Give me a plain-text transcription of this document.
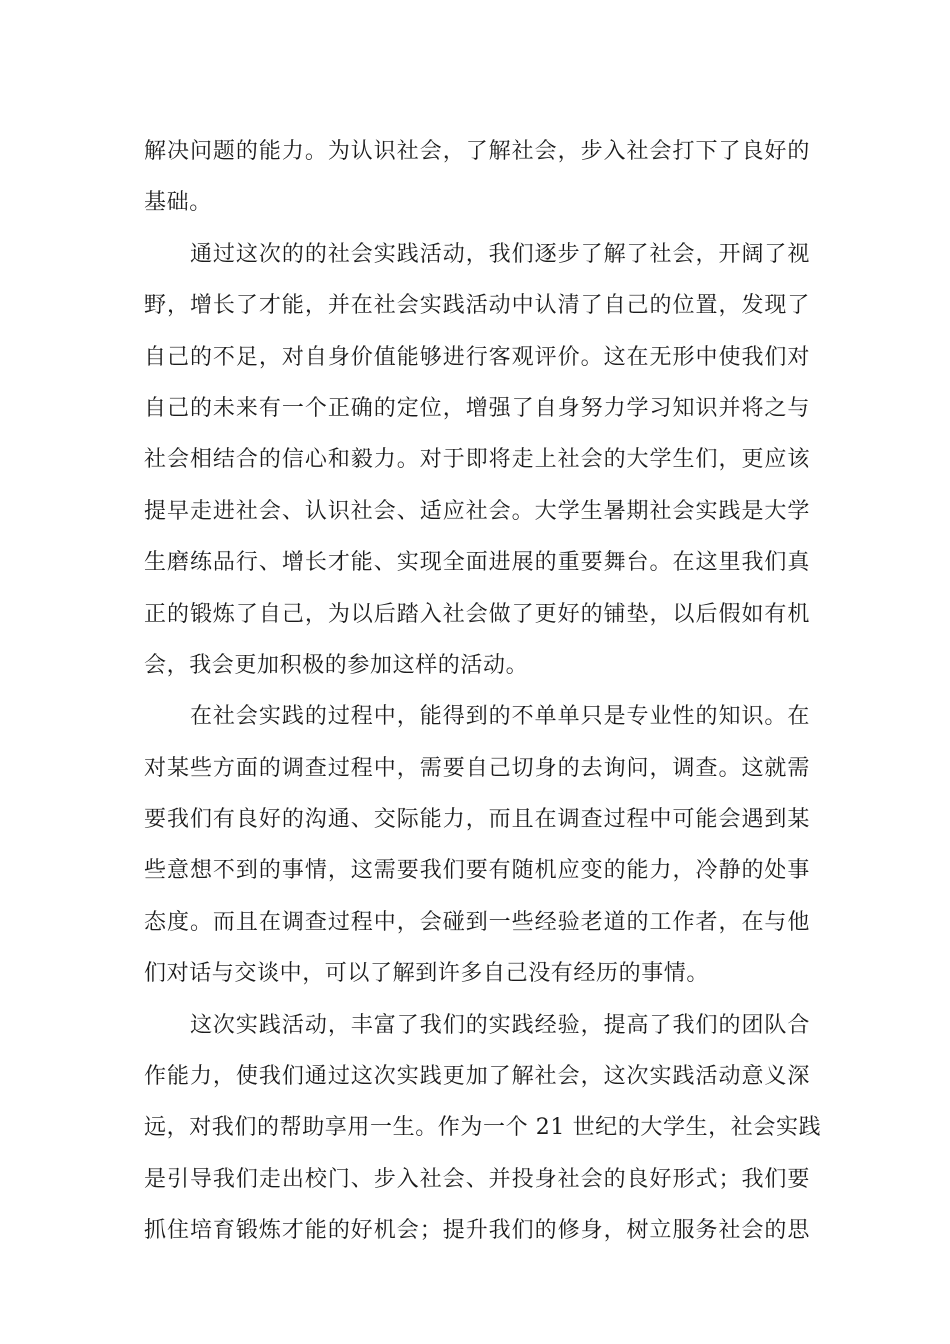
解决问题的能力。为认识社会，了解社会，步入社会打下了良好的
基础。
　　通过这次的的社会实践活动，我们逐步了解了社会，开阔了视
野，增长了才能，并在社会实践活动中认清了自己的位置，发现了
自己的不足，对自身价值能够进行客观评价。这在无形中使我们对
自己的未来有一个正确的定位，增强了自身努力学习知识并将之与
社会相结合的信心和毅力。对于即将走上社会的大学生们，更应该
提早走进社会、认识社会、适应社会。大学生暑期社会实践是大学
生磨练品行、增长才能、实现全面进展的重要舞台。在这里我们真
正的锻炼了自己，为以后踏入社会做了更好的铺垫，以后假如有机
会，我会更加积极的参加这样的活动。
　　在社会实践的过程中，能得到的不单单只是专业性的知识。在
对某些方面的调查过程中，需要自己切身的去询问，调查。这就需
要我们有良好的沟通、交际能力，而且在调查过程中可能会遇到某
些意想不到的事情，这需要我们要有随机应变的能力，冷静的处事
态度。而且在调查过程中，会碰到一些经验老道的工作者，在与他
们对话与交谈中，可以了解到许多自己没有经历的事情。
　　这次实践活动，丰富了我们的实践经验，提高了我们的团队合
作能力，使我们通过这次实践更加了解社会，这次实践活动意义深
远，对我们的帮助享用一生。作为一个 21 世纪的大学生，社会实践
是引导我们走出校门、步入社会、并投身社会的良好形式；我们要
抓住培育锻炼才能的好机会；提升我们的修身，树立服务社会的思
